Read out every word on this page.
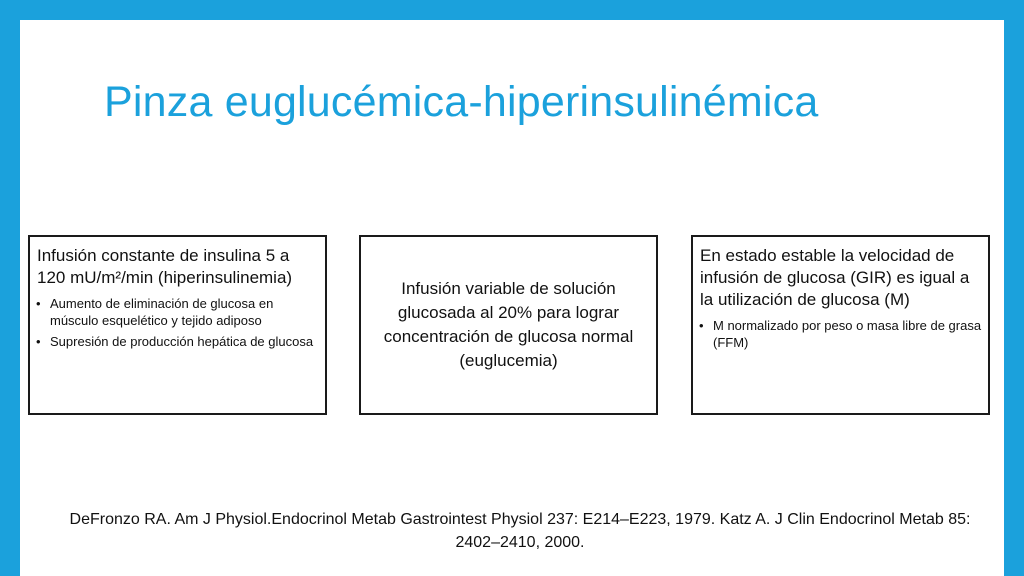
Pinza euglucémica-hiperinsulinémica
Infusión constante de insulina 5 a 120 mU/m²/min (hiperinsulinemia)
• Aumento de eliminación de glucosa en músculo esquelético y tejido adiposo
• Supresión de producción hepática de glucosa
Infusión variable de solución glucosada al 20% para lograr concentración de glucosa normal (euglucemia)
En estado estable la velocidad de infusión de glucosa (GIR) es igual a la utilización de glucosa (M)
• M normalizado por peso o masa libre de grasa (FFM)
DeFronzo RA. Am J Physiol.Endocrinol Metab Gastrointest Physiol 237: E214–E223, 1979. Katz A. J Clin Endocrinol Metab 85: 2402–2410, 2000.
